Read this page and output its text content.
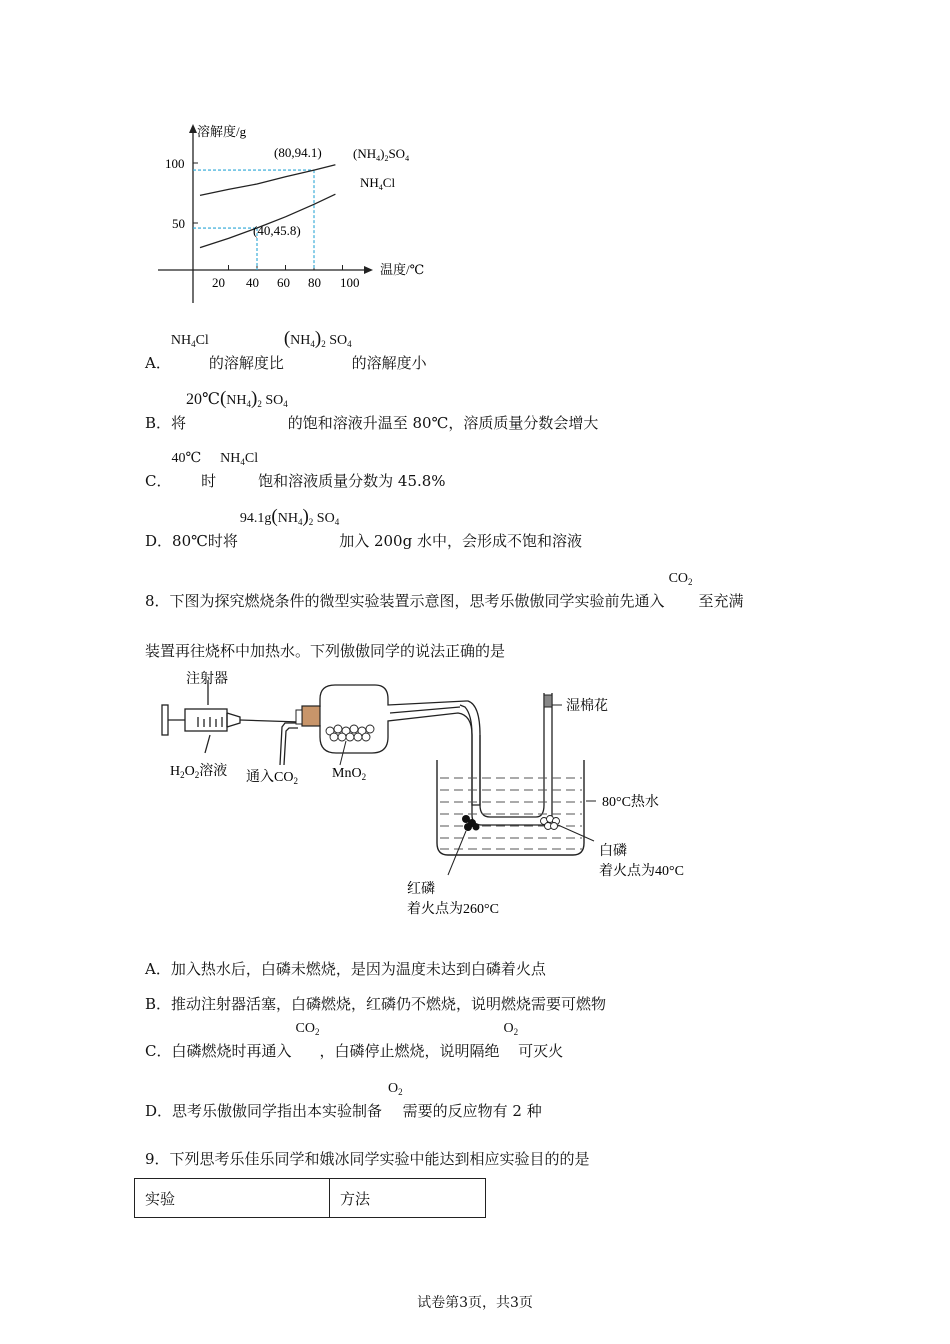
溶解度/g
温度/℃
50
100
20 40 60 80 100
(80,94.1)
(40,45.8)
$(NH_4)_2SO_4$
$NH_4Cl$
A．$NH_4Cl$的溶解度比$(NH_4)_2$ $SO_4$的溶解度小
B．将$20℃(NH_4)_2$ $SO_4$的饱和溶液升温至 80℃，溶质质量分数会增大
C．40℃时$NH_4Cl$饱和溶液质量分数为 45.8%
D．80℃时将$94.1g(NH_4)_2$ $SO_4$加入 200g 水中，会形成不饱和溶液
8．下图为探究燃烧条件的微型实验装置示意图，思考乐傲傲同学实验前先通入$CO_2$至充满
装置再往烧杯中加热水。下列傲傲同学的说法正确的是
注射器
$H_2O_2$溶液 通入$CO_2$ MnO$_2$
湿棉花
80°C热水
白磷
着火点为40°C
红磷
着火点为260°C
A．加入热水后，白磷未燃烧，是因为温度未达到白磷着火点
B．推动注射器活塞，白磷燃烧，红磷仍不燃烧，说明燃烧需要可燃物
C．白磷燃烧时再通入$CO_2$，白磷停止燃烧，说明隔绝$O_2$可灭火
D．思考乐傲傲同学指出本实验制备$O_2$需要的反应物有 2 种
9．下列思考乐佳乐同学和娥冰同学实验中能达到相应实验目的的是
实验	方法
试卷第3页，共3页
